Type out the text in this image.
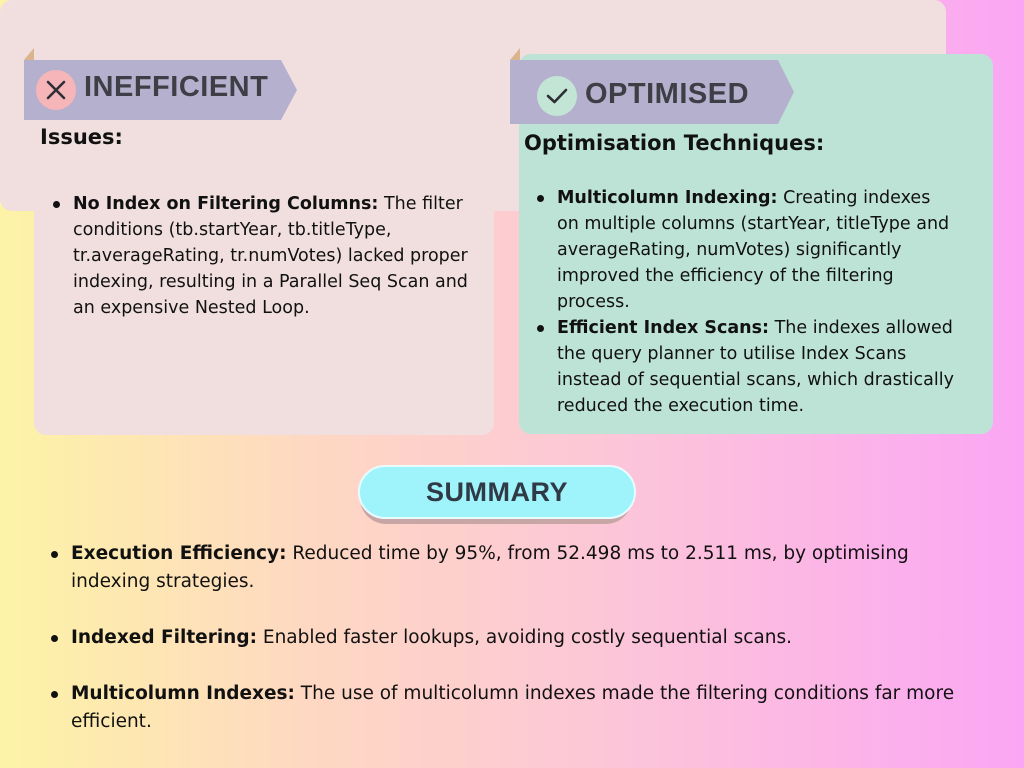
INEFFICIENT
Issues:
No Index on Filtering Columns: The filter conditions (tb.startYear, tb.titleType, tr.averageRating, tr.numVotes) lacked proper indexing, resulting in a Parallel Seq Scan and an expensive Nested Loop.
OPTIMISED
Optimisation Techniques:
Multicolumn Indexing: Creating indexes on multiple columns (startYear, titleType and averageRating, numVotes) significantly improved the efficiency of the filtering process.
Efficient Index Scans: The indexes allowed the query planner to utilise Index Scans instead of sequential scans, which drastically reduced the execution time.
SUMMARY
Execution Efficiency: Reduced time by 95%, from 52.498 ms to 2.511 ms, by optimising indexing strategies.
Indexed Filtering: Enabled faster lookups, avoiding costly sequential scans.
Multicolumn Indexes: The use of multicolumn indexes made the filtering conditions far more efficient.
